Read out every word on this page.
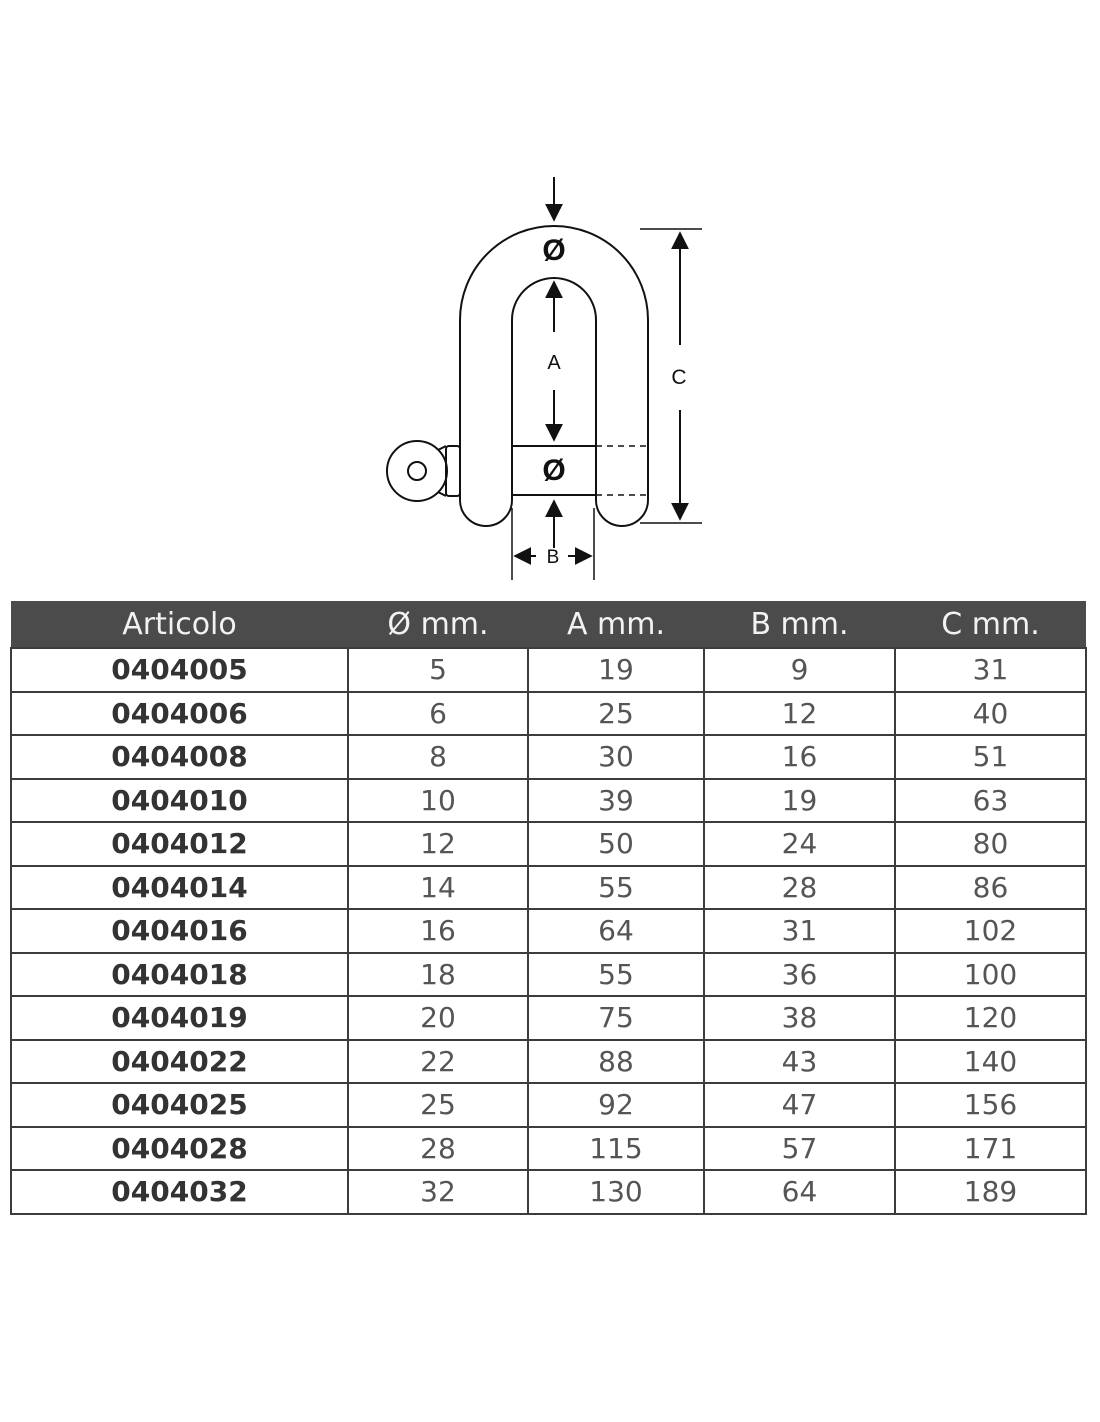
Ø
A
Ø
B
C
Articolo	Ø mm.	A mm.	B mm.	C mm.
0404005	5	19	9	31
0404006	6	25	12	40
0404008	8	30	16	51
0404010	10	39	19	63
0404012	12	50	24	80
0404014	14	55	28	86
0404016	16	64	31	102
0404018	18	55	36	100
0404019	20	75	38	120
0404022	22	88	43	140
0404025	25	92	47	156
0404028	28	115	57	171
0404032	32	130	64	189
